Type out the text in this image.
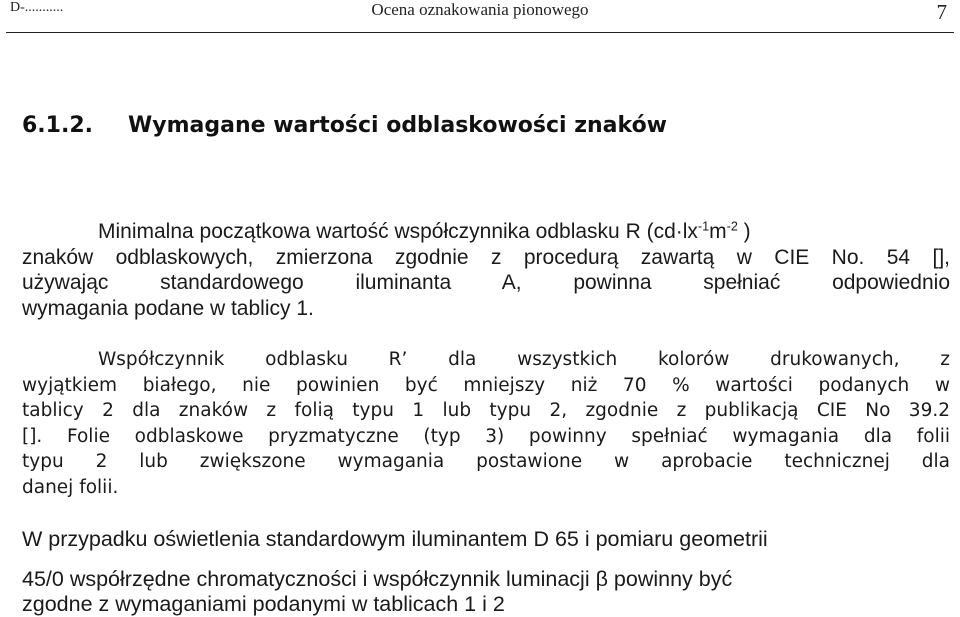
D-...........	Ocena oznakowania pionowego	7
6.1.2. Wymagane wartości odblaskowości znaków
Minimalna początkowa wartość współczynnika odblasku R ($cd\cdot lx^{-1}m^{-2}$ )
znaków odblaskowych, zmierzona zgodnie z procedurą zawartą w CIE No. 54 [],
używając standardowego iluminanta A, powinna spełniać odpowiednio
wymagania podane w tablicy 1.
Współczynnik odblasku R’ dla wszystkich kolorów drukowanych, z
wyjątkiem białego, nie powinien być mniejszy niż 70 % wartości podanych w
tablicy 2 dla znaków z folią typu 1 lub typu 2, zgodnie z publikacją CIE No 39.2
[]. Folie odblaskowe pryzmatyczne (typ 3) powinny spełniać wymagania dla folii
typu 2 lub zwiększone wymagania postawione w aprobacie technicznej dla
danej folii.
W przypadku oświetlenia standardowym iluminantem D 65 i pomiaru geometrii
45/0 współrzędne chromatyczności i współczynnik luminacji β powinny być
zgodne z wymaganiami podanymi w tablicach 1 i 2
